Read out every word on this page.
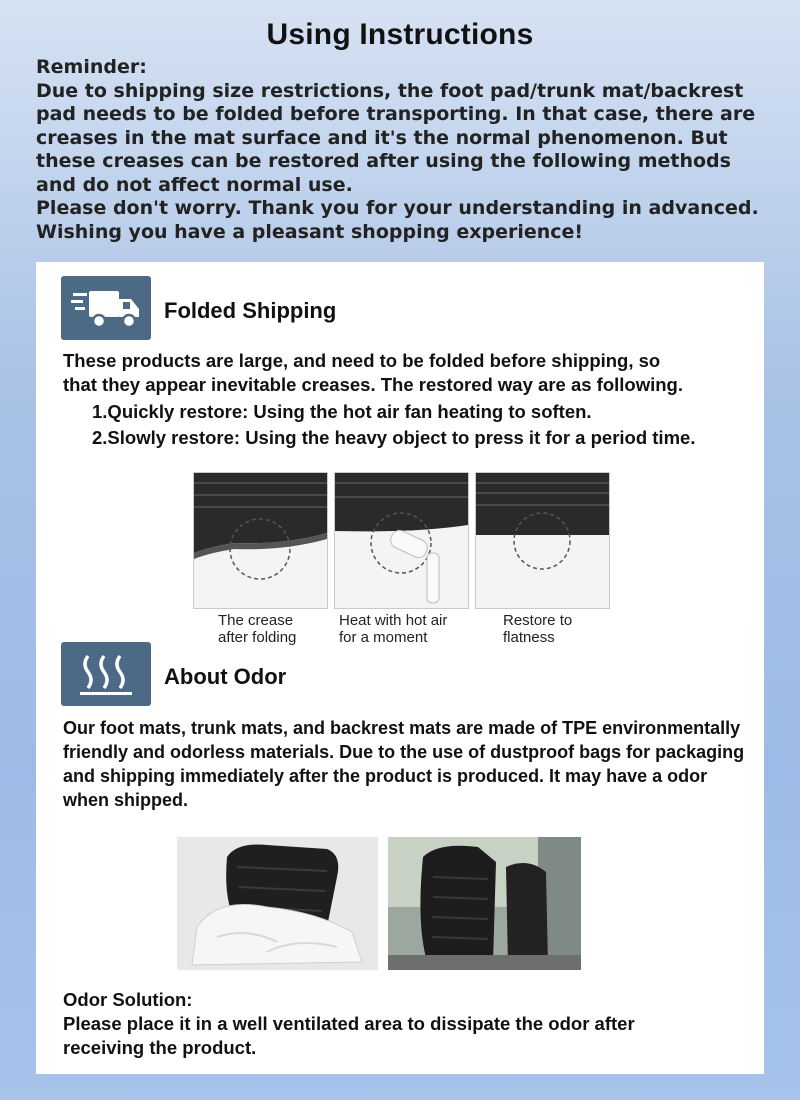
Using Instructions
Reminder:
Due to shipping size restrictions, the foot pad/trunk mat/backrest
pad needs to be folded before transporting. In that case, there are
creases in the mat surface and it's the normal phenomenon. But
these creases can be restored after using the following methods
and do not affect normal use.
Please don't worry. Thank you for your understanding in advanced.
Wishing you have a pleasant shopping experience!
Folded Shipping
These products are large, and need to be folded before shipping, so
that they appear inevitable creases. The restored way are as following.
1.Quickly restore: Using the hot air fan heating to soften.
2.Slowly restore: Using the heavy object to press it for a period time.
The crease
after folding
Heat with hot air
for a moment
Restore to
flatness
About Odor
Our foot mats, trunk mats, and backrest mats are made of TPE environmentally
friendly and odorless materials. Due to the use of dustproof bags for packaging
and shipping immediately after the product is produced. It may have a odor
when shipped.
Odor Solution:
Please place it in a well ventilated area to dissipate the odor after
receiving the product.
